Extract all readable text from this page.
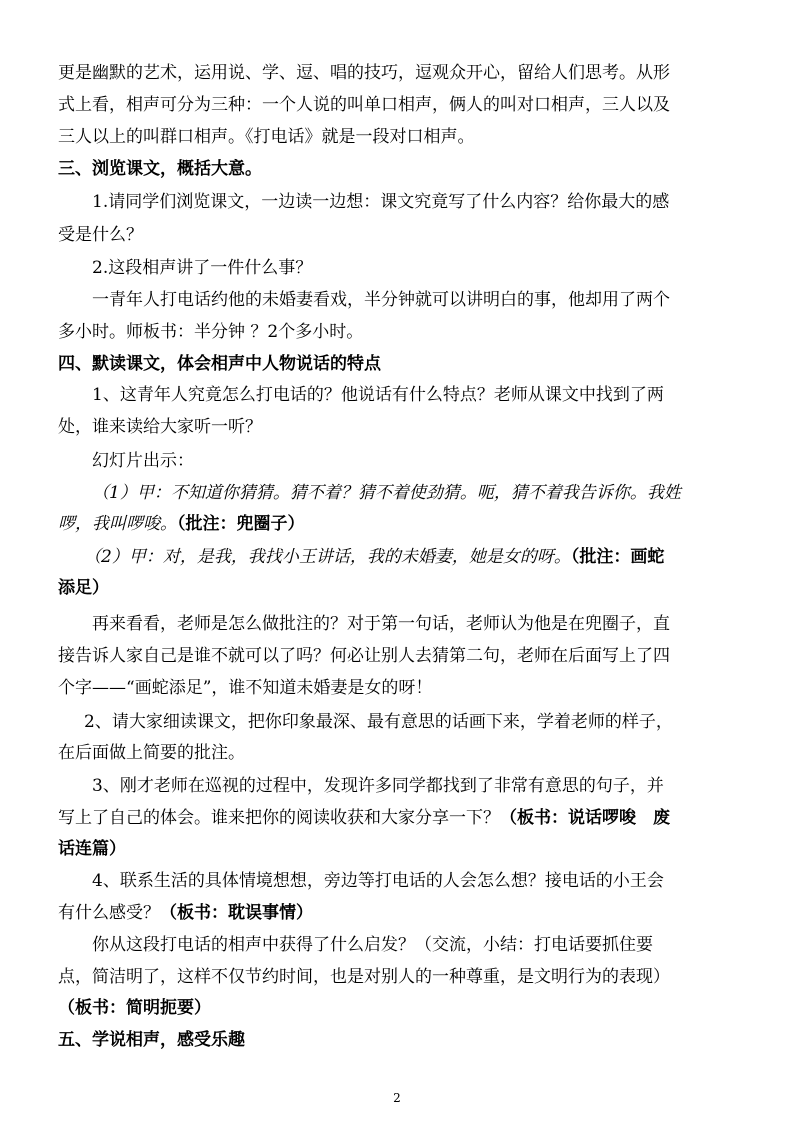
更是幽默的艺术，运用说、学、逗、唱的技巧，逗观众开心，留给人们思考。从形
式上看，相声可分为三种：一个人说的叫单口相声，俩人的叫对口相声，三人以及
三人以上的叫群口相声。《打电话》就是一段对口相声。
三、浏览课文，概括大意。
1.请同学们浏览课文，一边读一边想：课文究竟写了什么内容？给你最大的感
受是什么？
2.这段相声讲了一件什么事？
一青年人打电话约他的未婚妻看戏，半分钟就可以讲明白的事，他却用了两个
多小时。师板书：半分钟 ？2个多小时。
四、默读课文，体会相声中人物说话的特点
1、这青年人究竟怎么打电话的？他说话有什么特点？老师从课文中找到了两
处，谁来读给大家听一听？
幻灯片出示：
（1）甲：不知道你猜猜。猜不着？猜不着使劲猜。呃，猜不着我告诉你。我姓
啰，我叫啰唆。（批注：兜圈子）
（2）甲：对，是我，我找小王讲话，我的未婚妻，她是女的呀。（批注：画蛇
添足）
再来看看，老师是怎么做批注的？对于第一句话，老师认为他是在兜圈子，直
接告诉人家自己是谁不就可以了吗？何必让别人去猜第二句，老师在后面写上了四
个字——“画蛇添足”，谁不知道未婚妻是女的呀！
2、请大家细读课文，把你印象最深、最有意思的话画下来，学着老师的样子，
在后面做上简要的批注。
3、刚才老师在巡视的过程中，发现许多同学都找到了非常有意思的句子，并
写上了自己的体会。谁来把你的阅读收获和大家分享一下？（板书：说话啰唆　废
话连篇）
4、联系生活的具体情境想想，旁边等打电话的人会怎么想？接电话的小王会
有什么感受？（板书：耽误事情）
你从这段打电话的相声中获得了什么启发？（交流，小结：打电话要抓住要
点，简洁明了，这样不仅节约时间，也是对别人的一种尊重，是文明行为的表现）
（板书：简明扼要）
五、学说相声，感受乐趣
2
